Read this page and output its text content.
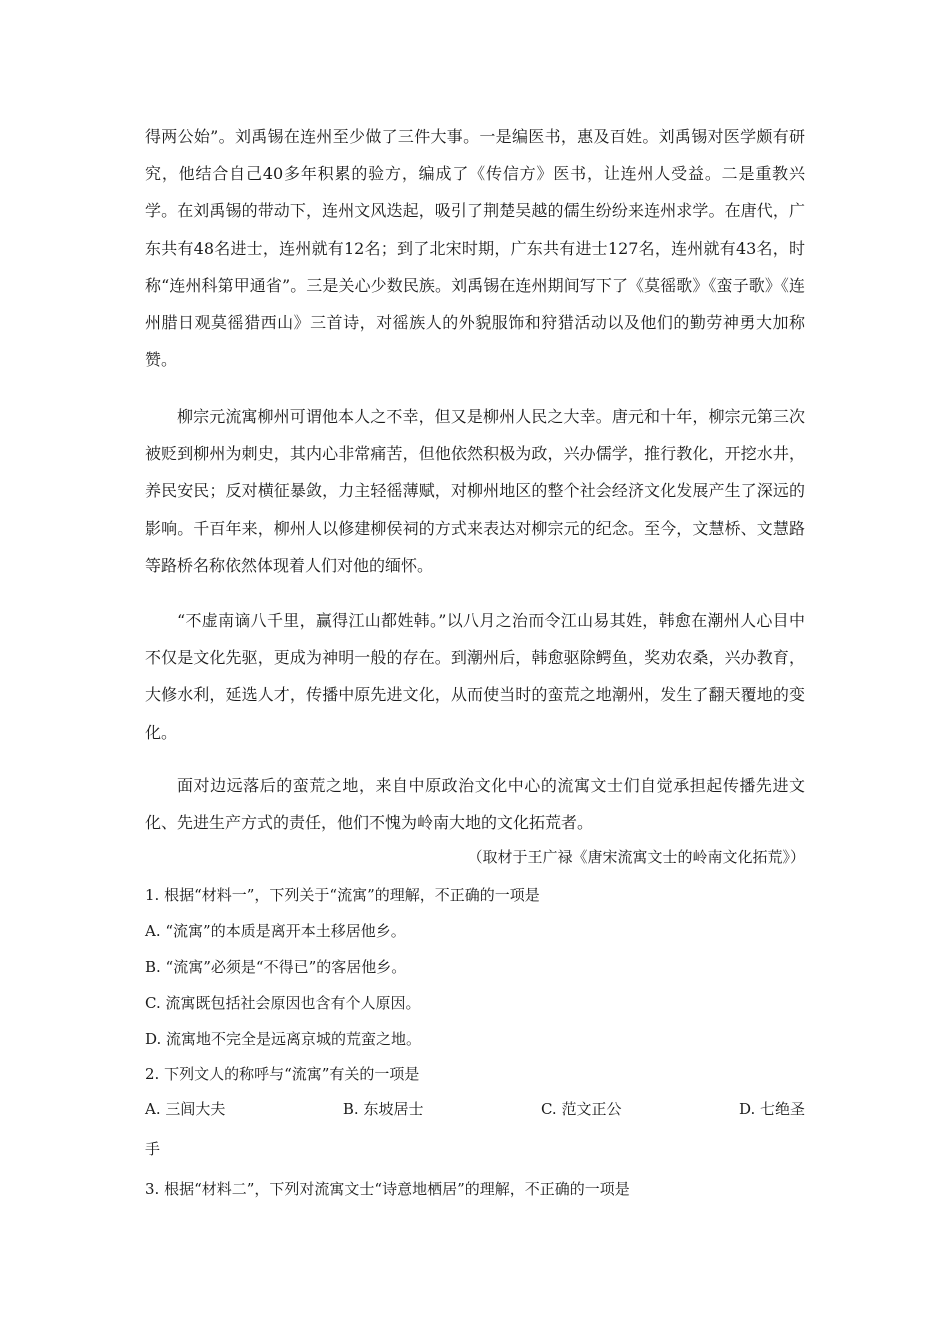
得两公始”。刘禹锡在连州至少做了三件大事。一是编医书，惠及百姓。刘禹锡对医学颇有研究，他结合自己40多年积累的验方，编成了《传信方》医书，让连州人受益。二是重教兴学。在刘禹锡的带动下，连州文风迭起，吸引了荆楚吴越的儒生纷纷来连州求学。在唐代，广东共有48名进士，连州就有12名；到了北宋时期，广东共有进士127名，连州就有43名，时称“连州科第甲通省”。三是关心少数民族。刘禹锡在连州期间写下了《莫徭歌》《蛮子歌》《连州腊日观莫徭猎西山》三首诗，对徭族人的外貌服饰和狩猎活动以及他们的勤劳神勇大加称赞。

柳宗元流寓柳州可谓他本人之不幸，但又是柳州人民之大幸。唐元和十年，柳宗元第三次被贬到柳州为刺史，其内心非常痛苦，但他依然积极为政，兴办儒学，推行教化，开挖水井，养民安民；反对横征暴敛，力主轻徭薄赋，对柳州地区的整个社会经济文化发展产生了深远的影响。千百年来，柳州人以修建柳侯祠的方式来表达对柳宗元的纪念。至今，文慧桥、文慧路等路桥名称依然体现着人们对他的缅怀。

“不虚南谪八千里，赢得江山都姓韩。”以八月之治而令江山易其姓，韩愈在潮州人心目中不仅是文化先驱，更成为神明一般的存在。到潮州后，韩愈驱除鳄鱼，奖劝农桑，兴办教育，大修水利，延选人才，传播中原先进文化，从而使当时的蛮荒之地潮州，发生了翻天覆地的变化。

面对边远落后的蛮荒之地，来自中原政治文化中心的流寓文士们自觉承担起传播先进文化、先进生产方式的责任，他们不愧为岭南大地的文化拓荒者。

（取材于王广禄《唐宋流寓文士的岭南文化拓荒》）

1. 根据“材料一”，下列关于“流寓”的理解，不正确的一项是

A. “流寓”的本质是离开本土移居他乡。

B. “流寓”必须是“不得已”的客居他乡。

C. 流寓既包括社会原因也含有个人原因。

D. 流寓地不完全是远离京城的荒蛮之地。

2. 下列文人的称呼与“流寓”有关的一项是

A. 三闾大夫	B. 东坡居士	C. 范文正公	D. 七绝圣

手

3. 根据“材料二”，下列对流寓文士“诗意地栖居”的理解，不正确的一项是
